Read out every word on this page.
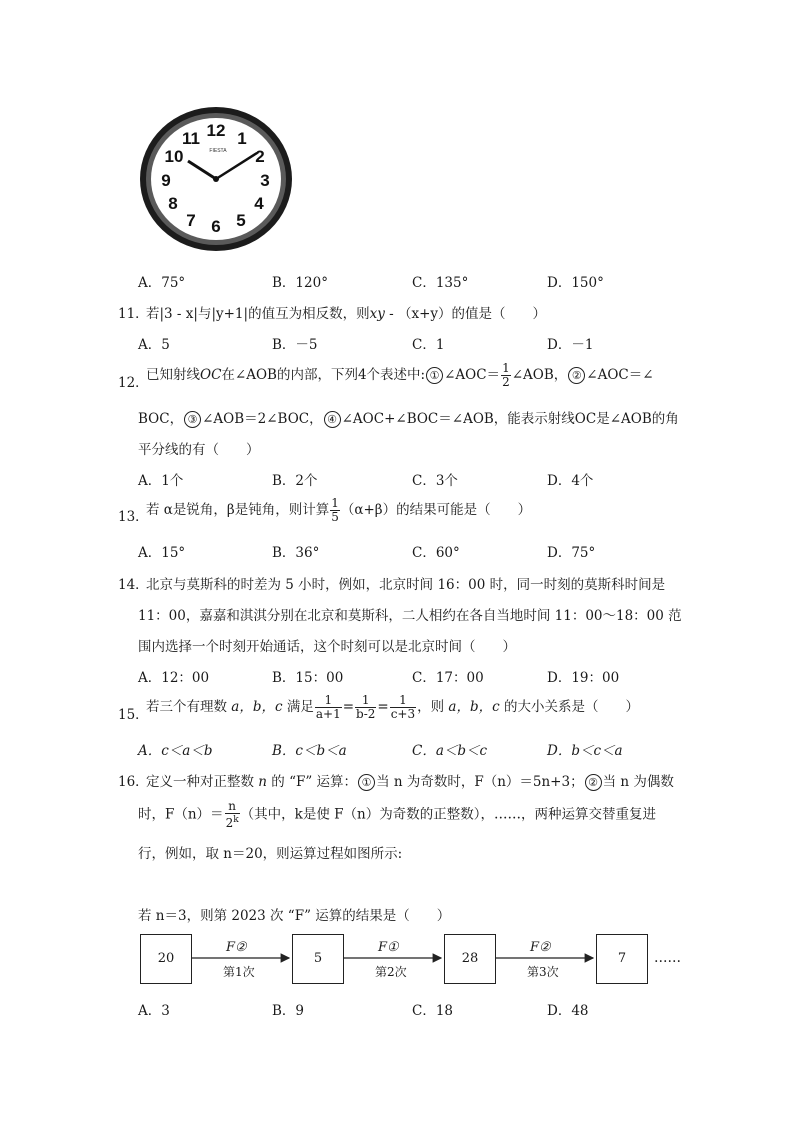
12 1
2
3
4
5
6
7
8
9
10
11
FIESTA
A．75°	B．120°	C．135°	D．150°
11．
若|3 - x|与|y+1|的值互为相反数，则xy - （x+y）的值是（　　）
A．5	B．－5	C．1	D．－1
12．
已知射线OC在∠AOB的内部，下列4个表述中: ① ∠AOC＝ $\frac{1}{2}$ ∠AOB， ② ∠AOC＝∠
BOC， ③ ∠AOB＝2∠BOC， ④ ∠AOC+∠BOC＝∠AOB，能表示射线OC是∠AOB的角
平分线的有（　　）
A．1个	B．2个	C．3个	D．4个
13．
若 α是锐角，β是钝角，则计算 $\frac{1}{5} (\alpha+\beta)$的结果可能是（　　）
A．15°	B．36°	C．60°	D．75°
14．
北京与莫斯科的时差为 5 小时，例如，北京时间 16：00 时，同一时刻的莫斯科时间是
11：00，嘉嘉和淇淇分别在北京和莫斯科，二人相约在各自当地时间 11：00～18：00 范
围内选择一个时刻开始通话，这个时刻可以是北京时间（　　）
A．12：00	B．15：00	C．17：00	D．19：00
15．
若三个有理数 a，b，c 满足 $\frac{1}{a+1} = \frac{1}{b-2} = \frac{1}{c+3}$ ，则 a，b，c 的大小关系是（　　）
A．c＜a＜b	B．c＜b＜a	C．a＜b＜c	D．b＜c＜a
16．
定义一种对正整数 n 的 “F” 运算： ① 当 n 为奇数时，F（n）＝5n+3； ② 当 n 为偶数
时，$F(n)= \frac{n}{2^k}$ （其中，k是使 F（n）为奇数的正整数），……，两种运算交替重复进
行，例如，取 n＝20，则运算过程如图所示:
若 n＝3，则第 2023 次 “F” 运算的结果是（　　）
20	5	28	7
F②	F①	F②
第1次	第2次	第3次
……
A．3	B．9	C．18	D．48
